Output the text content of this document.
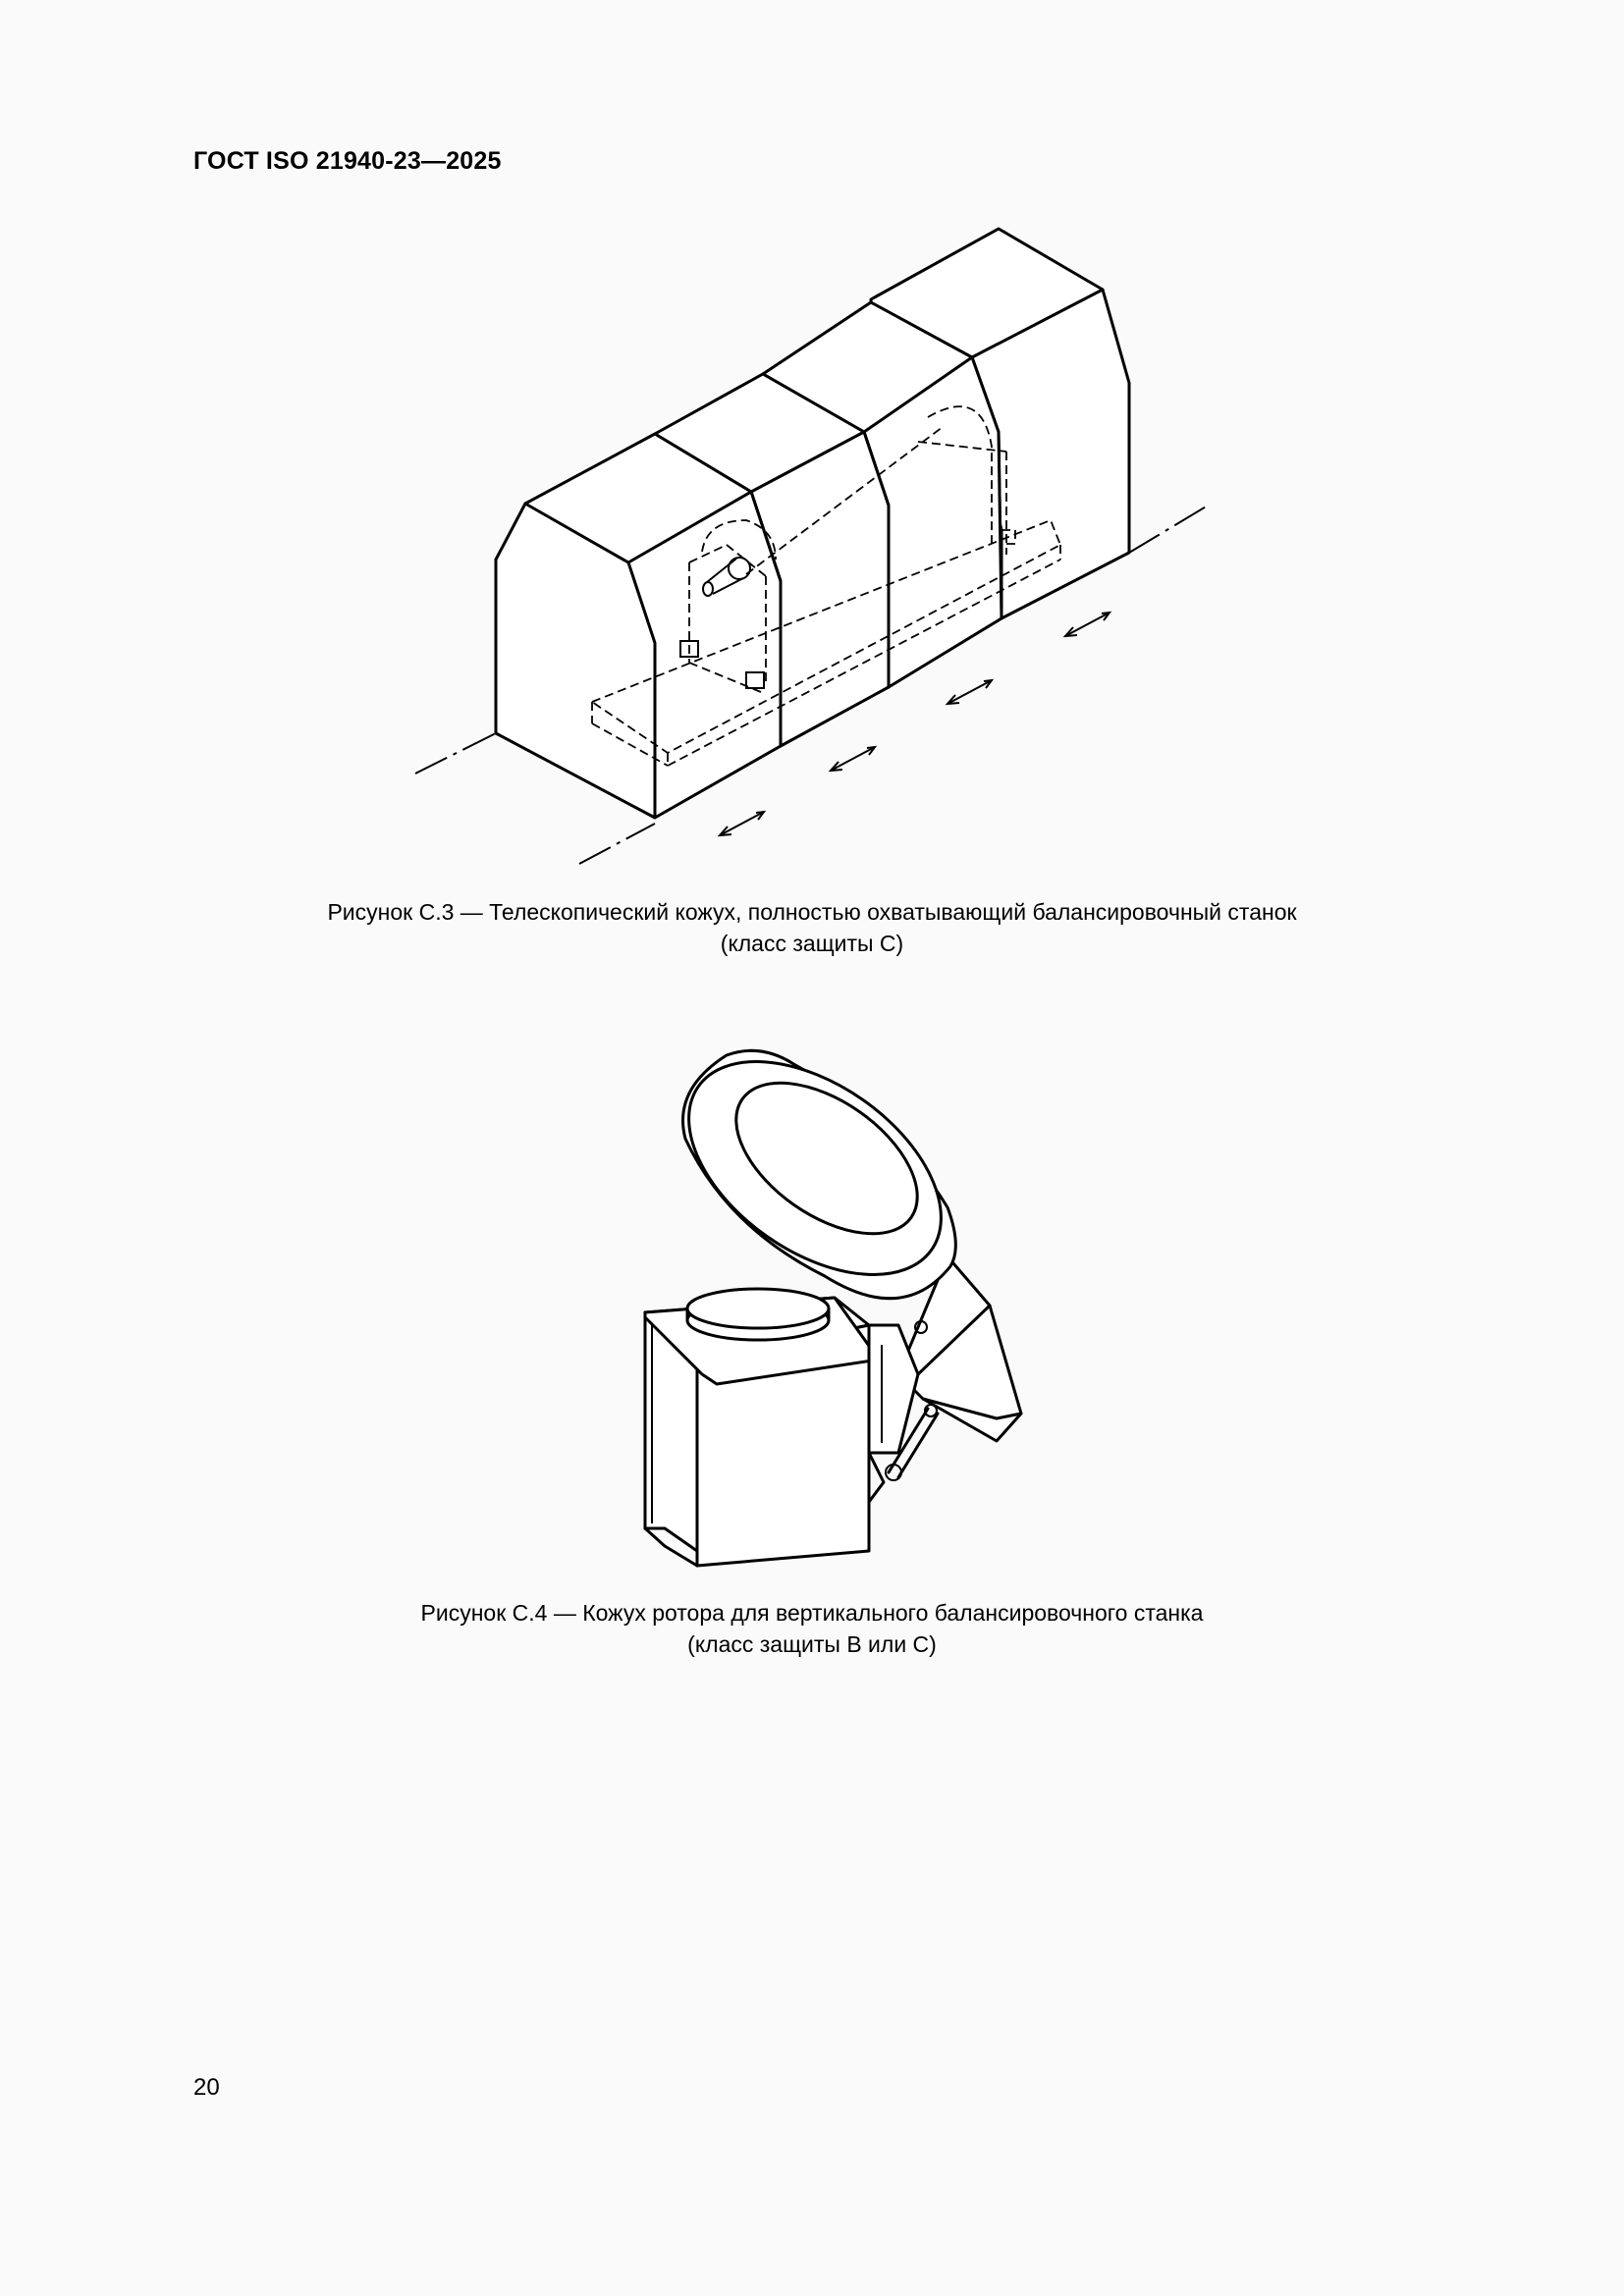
ГОСТ ISO 21940-23—2025
Рисунок С.3 — Телескопический кожух, полностью охватывающий балансировочный станок
(класс защиты С)
Рисунок С.4 — Кожух ротора для вертикального балансировочного станка
(класс защиты В или С)
20
